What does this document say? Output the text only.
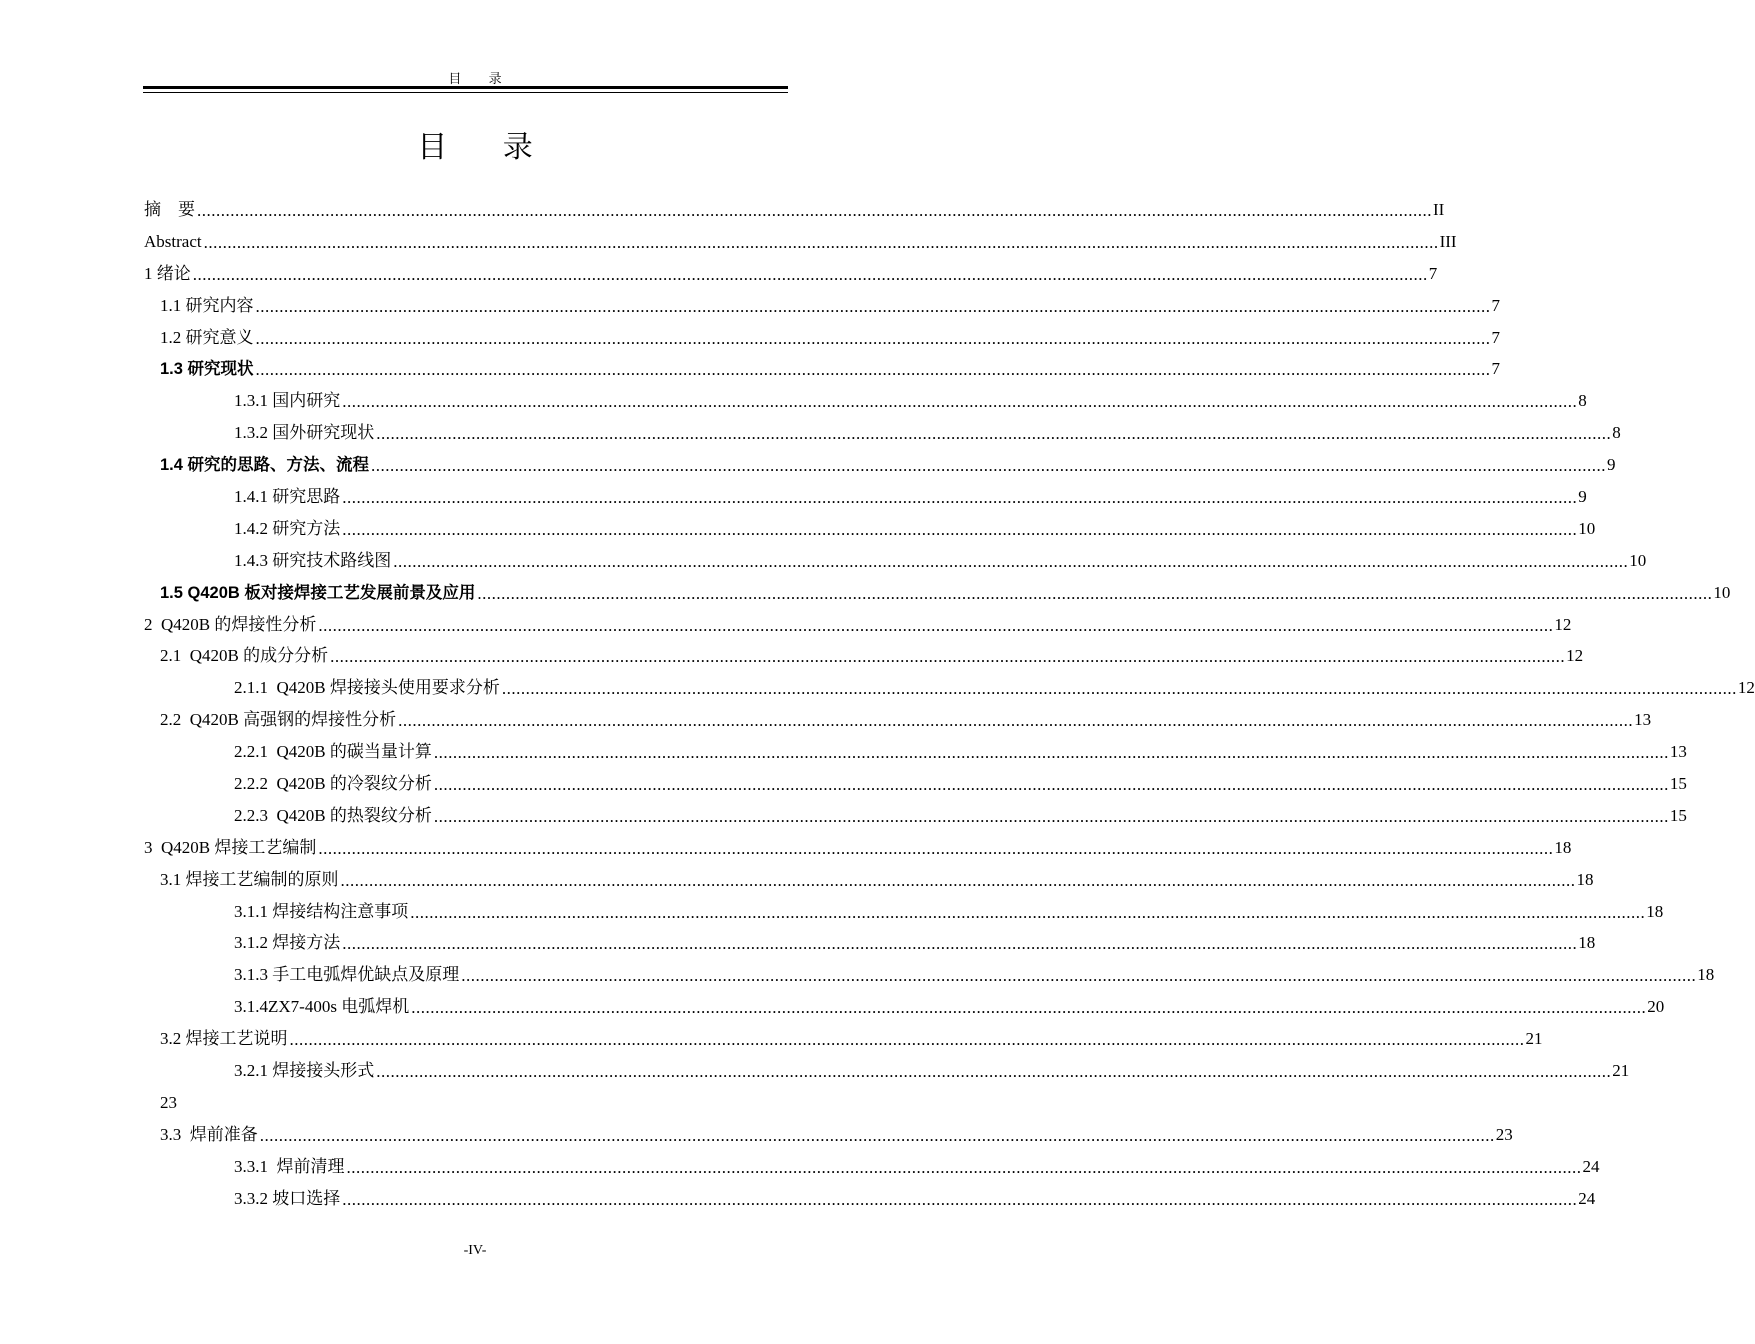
目 录
目 录
摘    要 .................................................................................................................................................................................................................................................................... II
Abstract .................................................................................................................................................................................................................................................................... III
1 绪论 .................................................................................................................................................................................................................................................................... 7
1.1 研究内容 .................................................................................................................................................................................................................................................................... 7
1.2 研究意义 .................................................................................................................................................................................................................................................................... 7
1.3 研究现状 .................................................................................................................................................................................................................................................................... 7
1.3.1 国内研究 .................................................................................................................................................................................................................................................................... 8
1.3.2 国外研究现状 .................................................................................................................................................................................................................................................................... 8
1.4 研究的思路、方法、流程 .................................................................................................................................................................................................................................................................... 9
1.4.1 研究思路 .................................................................................................................................................................................................................................................................... 9
1.4.2 研究方法 .................................................................................................................................................................................................................................................................... 10
1.4.3 研究技术路线图 .................................................................................................................................................................................................................................................................... 10
1.5 Q420B 板对接焊接工艺发展前景及应用 .................................................................................................................................................................................................................................................................... 10
2  Q420B 的焊接性分析 .................................................................................................................................................................................................................................................................... 12
2.1  Q420B 的成分分析 .................................................................................................................................................................................................................................................................... 12
2.1.1  Q420B 焊接接头使用要求分析 .................................................................................................................................................................................................................................................................... 12
2.2  Q420B 高强钢的焊接性分析 .................................................................................................................................................................................................................................................................... 13
2.2.1  Q420B 的碳当量计算 .................................................................................................................................................................................................................................................................... 13
2.2.2  Q420B 的冷裂纹分析 .................................................................................................................................................................................................................................................................... 15
2.2.3  Q420B 的热裂纹分析 .................................................................................................................................................................................................................................................................... 15
3  Q420B 焊接工艺编制 .................................................................................................................................................................................................................................................................... 18
3.1 焊接工艺编制的原则 .................................................................................................................................................................................................................................................................... 18
3.1.1 焊接结构注意事项 .................................................................................................................................................................................................................................................................... 18
3.1.2 焊接方法 .................................................................................................................................................................................................................................................................... 18
3.1.3 手工电弧焊优缺点及原理 .................................................................................................................................................................................................................................................................... 18
3.1.4ZX7-400s 电弧焊机 .................................................................................................................................................................................................................................................................... 20
3.2 焊接工艺说明 .................................................................................................................................................................................................................................................................... 21
3.2.1 焊接接头形式 .................................................................................................................................................................................................................................................................... 21
23
3.3  焊前准备 .................................................................................................................................................................................................................................................................... 23
3.3.1  焊前清理 .................................................................................................................................................................................................................................................................... 24
3.3.2 坡口选择 .................................................................................................................................................................................................................................................................... 24
-IV-
